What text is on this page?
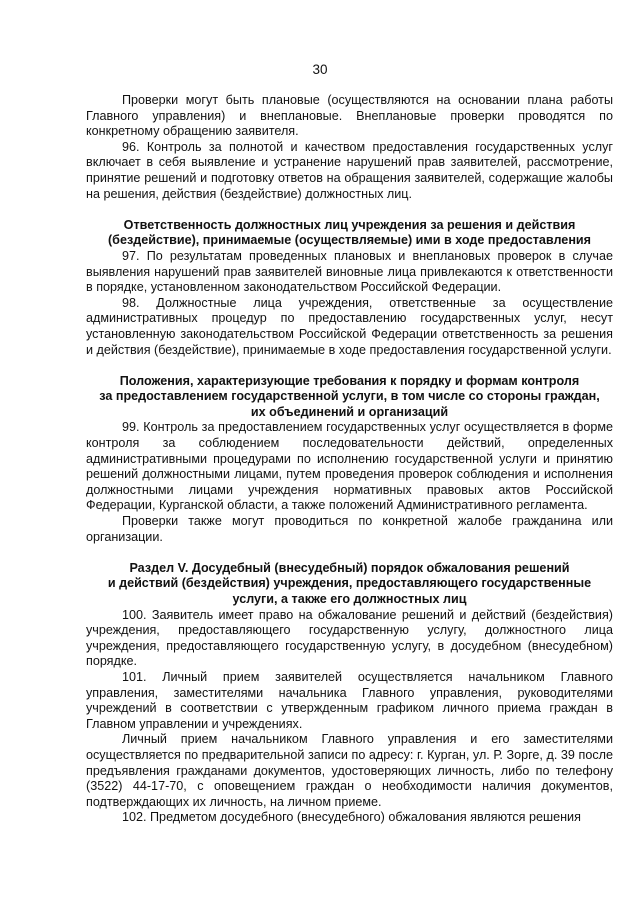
30

Проверки могут быть плановые (осуществляются на основании плана работы Главного управления) и внеплановые. Внеплановые проверки проводятся по конкретному обращению заявителя.

96. Контроль за полнотой и качеством предоставления государственных услуг включает в себя выявление и устранение нарушений прав заявителей, рассмотрение, принятие решений и подготовку ответов на обращения заявителей, содержащие жалобы на решения, действия (бездействие) должностных лиц.

Ответственность должностных лиц учреждения за решения и действия
(бездействие), принимаемые (осуществляемые) ими в ходе предоставления

97. По результатам проведенных плановых и внеплановых проверок в случае выявления нарушений прав заявителей виновные лица привлекаются к ответственности в порядке, установленном законодательством Российской Федерации.

98. Должностные лица учреждения, ответственные за осуществление административных процедур по предоставлению государственных услуг, несут установленную законодательством Российской Федерации ответственность за решения и действия (бездействие), принимаемые в ходе предоставления государственной услуги.

Положения, характеризующие требования к порядку и формам контроля
за предоставлением государственной услуги, в том числе со стороны граждан,
их объединений и организаций

99. Контроль за предоставлением государственных услуг осуществляется в форме контроля за соблюдением последовательности действий, определенных административными процедурами по исполнению государственной услуги и принятию решений должностными лицами, путем проведения проверок соблюдения и исполнения должностными лицами учреждения нормативных правовых актов Российской Федерации, Курганской области, а также положений Административного регламента.

Проверки также могут проводиться по конкретной жалобе гражданина или организации.

Раздел V. Досудебный (внесудебный) порядок обжалования решений
и действий (бездействия) учреждения, предоставляющего государственные
услуги, а также его должностных лиц

100. Заявитель имеет право на обжалование решений и действий (бездействия) учреждения, предоставляющего государственную услугу, должностного лица учреждения, предоставляющего государственную услугу, в досудебном (внесудебном) порядке.

101. Личный прием заявителей осуществляется начальником Главного управления, заместителями начальника Главного управления, руководителями учреждений в соответствии с утвержденным графиком личного приема граждан в Главном управлении и учреждениях.

Личный прием начальником Главного управления и его заместителями осуществляется по предварительной записи по адресу: г. Курган, ул. Р. Зорге, д. 39 после предъявления гражданами документов, удостоверяющих личность, либо по телефону (3522) 44-17-70, с оповещением граждан о необходимости наличия документов, подтверждающих их личность, на личном приеме.

102. Предметом досудебного (внесудебного) обжалования являются решения
